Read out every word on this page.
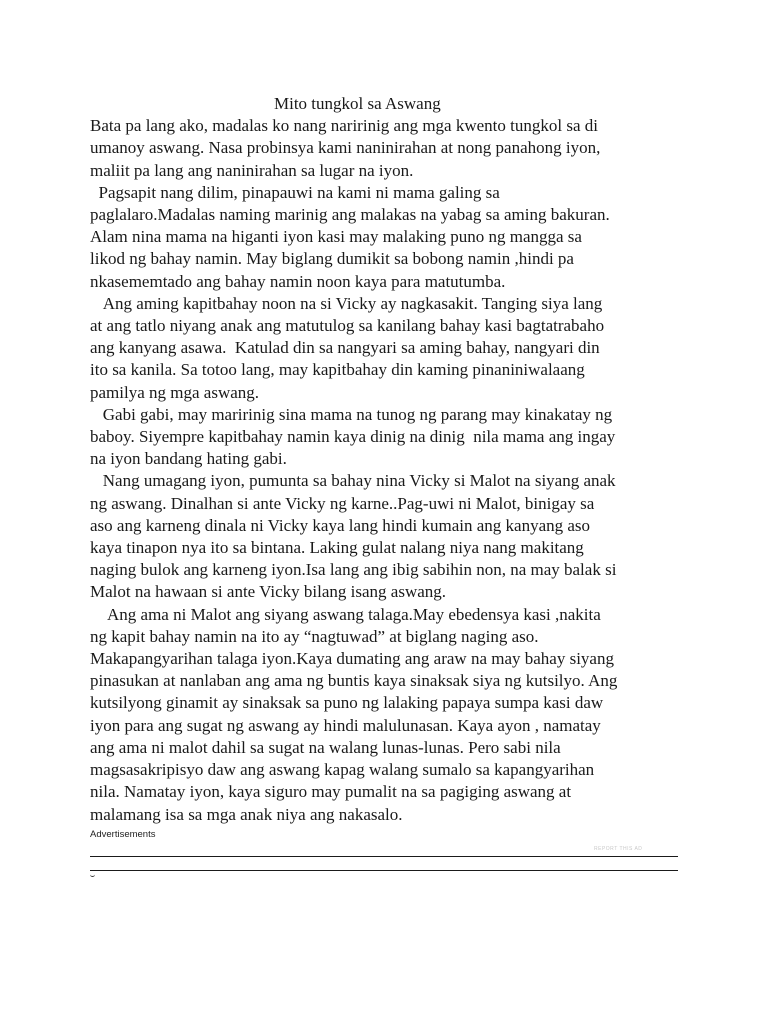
Mito tungkol sa Aswang
Bata pa lang ako, madalas ko nang naririnig ang mga kwento tungkol sa di
umanoy aswang. Nasa probinsya kami naninirahan at nong panahong iyon,
maliit pa lang ang naninirahan sa lugar na iyon.
Pagsapit nang dilim, pinapauwi na kami ni mama galing sa
paglalaro.Madalas naming marinig ang malakas na yabag sa aming bakuran.
Alam nina mama na higanti iyon kasi may malaking puno ng mangga sa
likod ng bahay namin. May biglang dumikit sa bobong namin ,hindi pa
nkasememtado ang bahay namin noon kaya para matutumba.
Ang aming kapitbahay noon na si Vicky ay nagkasakit. Tanging siya lang
at ang tatlo niyang anak ang matutulog sa kanilang bahay kasi bagtatrabaho
ang kanyang asawa.  Katulad din sa nangyari sa aming bahay, nangyari din
ito sa kanila. Sa totoo lang, may kapitbahay din kaming pinaniniwalaang
pamilya ng mga aswang.
Gabi gabi, may maririnig sina mama na tunog ng parang may kinakatay ng
baboy. Siyempre kapitbahay namin kaya dinig na dinig  nila mama ang ingay
na iyon bandang hating gabi.
Nang umagang iyon, pumunta sa bahay nina Vicky si Malot na siyang anak
ng aswang. Dinalhan si ante Vicky ng karne..Pag-uwi ni Malot, binigay sa
aso ang karneng dinala ni Vicky kaya lang hindi kumain ang kanyang aso
kaya tinapon nya ito sa bintana. Laking gulat nalang niya nang makitang
naging bulok ang karneng iyon.Isa lang ang ibig sabihin non, na may balak si
Malot na hawaan si ante Vicky bilang isang aswang.
Ang ama ni Malot ang siyang aswang talaga.May ebedensya kasi ,nakita
ng kapit bahay namin na ito ay “nagtuwad” at biglang naging aso.
Makapangyarihan talaga iyon.Kaya dumating ang araw na may bahay siyang
pinasukan at nanlaban ang ama ng buntis kaya sinaksak siya ng kutsilyo. Ang
kutsilyong ginamit ay sinaksak sa puno ng lalaking papaya sumpa kasi daw
iyon para ang sugat ng aswang ay hindi malulunasan. Kaya ayon , namatay
ang ama ni malot dahil sa sugat na walang lunas-lunas. Pero sabi nila
magsasakripisyo daw ang aswang kapag walang sumalo sa kapangyarihan
nila. Namatay iyon, kaya siguro may pumalit na sa pagiging aswang at
malamang isa sa mga anak niya ang nakasalo.
Advertisements
REPORT THIS AD
